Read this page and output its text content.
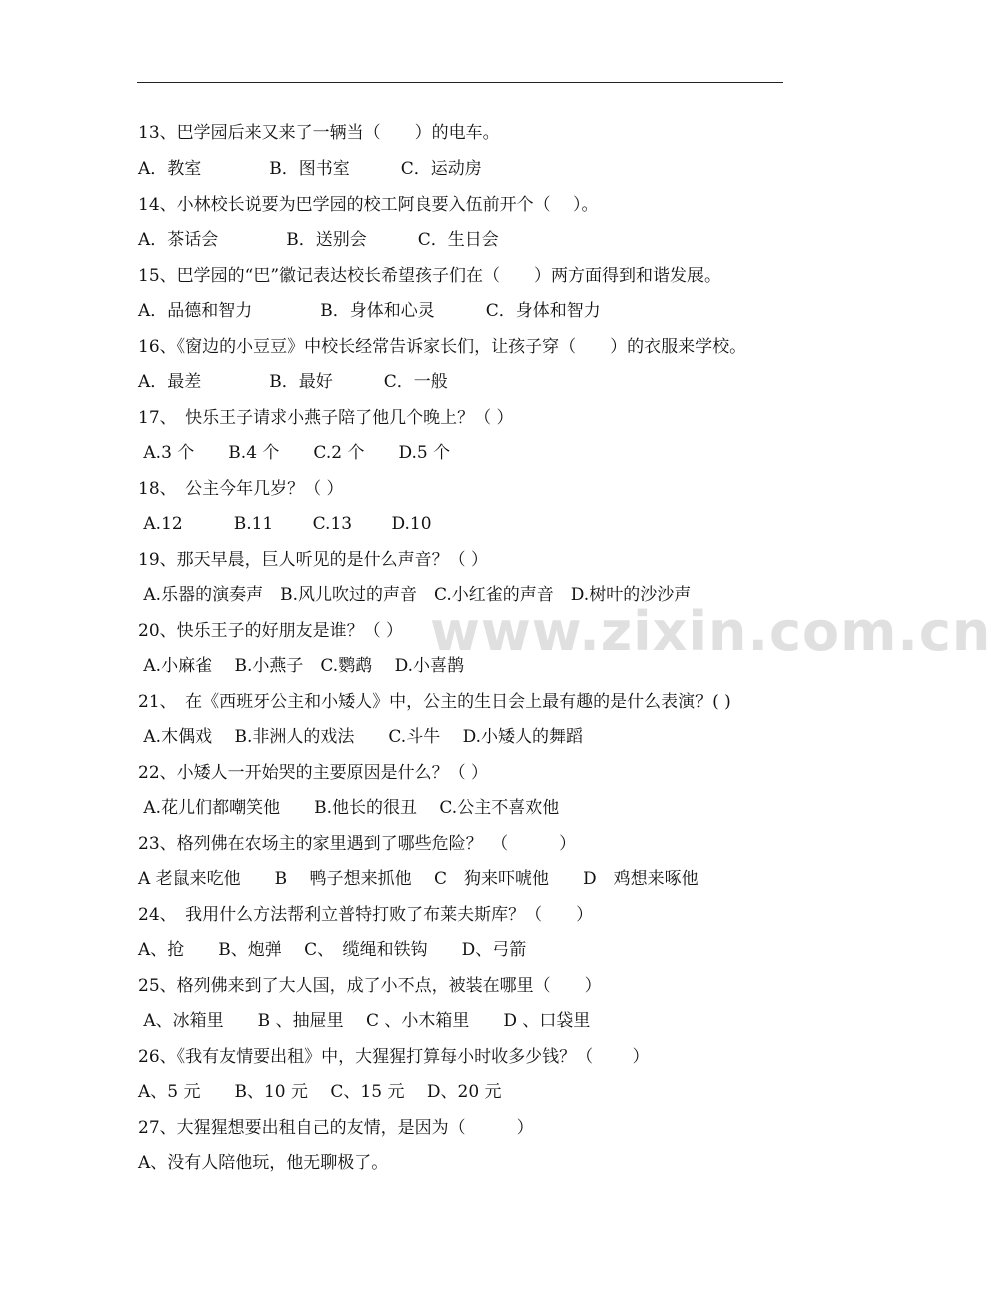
13、巴学园后来又来了一辆当（　　）的电车。
A．教室　　　　B．图书室　　　C．运动房
14、小林校长说要为巴学园的校工阿良要入伍前开个（　 ）。
A．茶话会　　　　B．送别会　　　C．生日会
15、巴学园的“巴”徽记表达校长希望孩子们在（　　）两方面得到和谐发展。
A．品德和智力　　　　B．身体和心灵　　　C．身体和智力
16、《窗边的小豆豆》中校长经常告诉家长们，让孩子穿（　　）的衣服来学校。
A．最差　　　　B．最好　　　C．一般
17、　快乐王子请求小燕子陪了他几个晚上？（ ）
A.3 个　　B.4 个　　C.2 个　　D.5 个
18、　公主今年几岁？（ ）
A.12　　　B.11　　 C.13　　 D.10
19、那天早晨，巨人听见的是什么声音？（ ）
A.乐器的演奏声　B.风儿吹过的声音　C.小红雀的声音　D.树叶的沙沙声
20、快乐王子的好朋友是谁？（ ）
A.小麻雀　 B.小燕子　C.鹦鹉　 D.小喜鹊
21、　在《西班牙公主和小矮人》中，公主的生日会上最有趣的是什么表演？( )
A.木偶戏　 B.非洲人的戏法　　C.斗牛　 D.小矮人的舞蹈
22、小矮人一开始哭的主要原因是什么？（ ）
A.花儿们都嘲笑他　　B.他长的很丑　 C.公主不喜欢他
23、格列佛在农场主的家里遇到了哪些危险？　（　　　）
A 老鼠来吃他　　B　 鸭子想来抓他　 C　狗来吓唬他　　D　鸡想来啄他
24、　我用什么方法帮利立普特打败了布莱夫斯库？（　　）
A、抢　　B、炮弹　 C、　缆绳和铁钩　　D、弓箭
25、格列佛来到了大人国，成了小不点，被装在哪里（　　）
A、冰箱里　　B 、抽屉里　 C 、小木箱里　　D 、口袋里
26、《我有友情要出租》中，大猩猩打算每小时收多少钱？（　　 ）
A、5 元　　B、10 元　 C、15 元　 D、20 元
27、大猩猩想要出租自己的友情，是因为（　　　）
A、没有人陪他玩，他无聊极了。
www.zixin.com.cn
